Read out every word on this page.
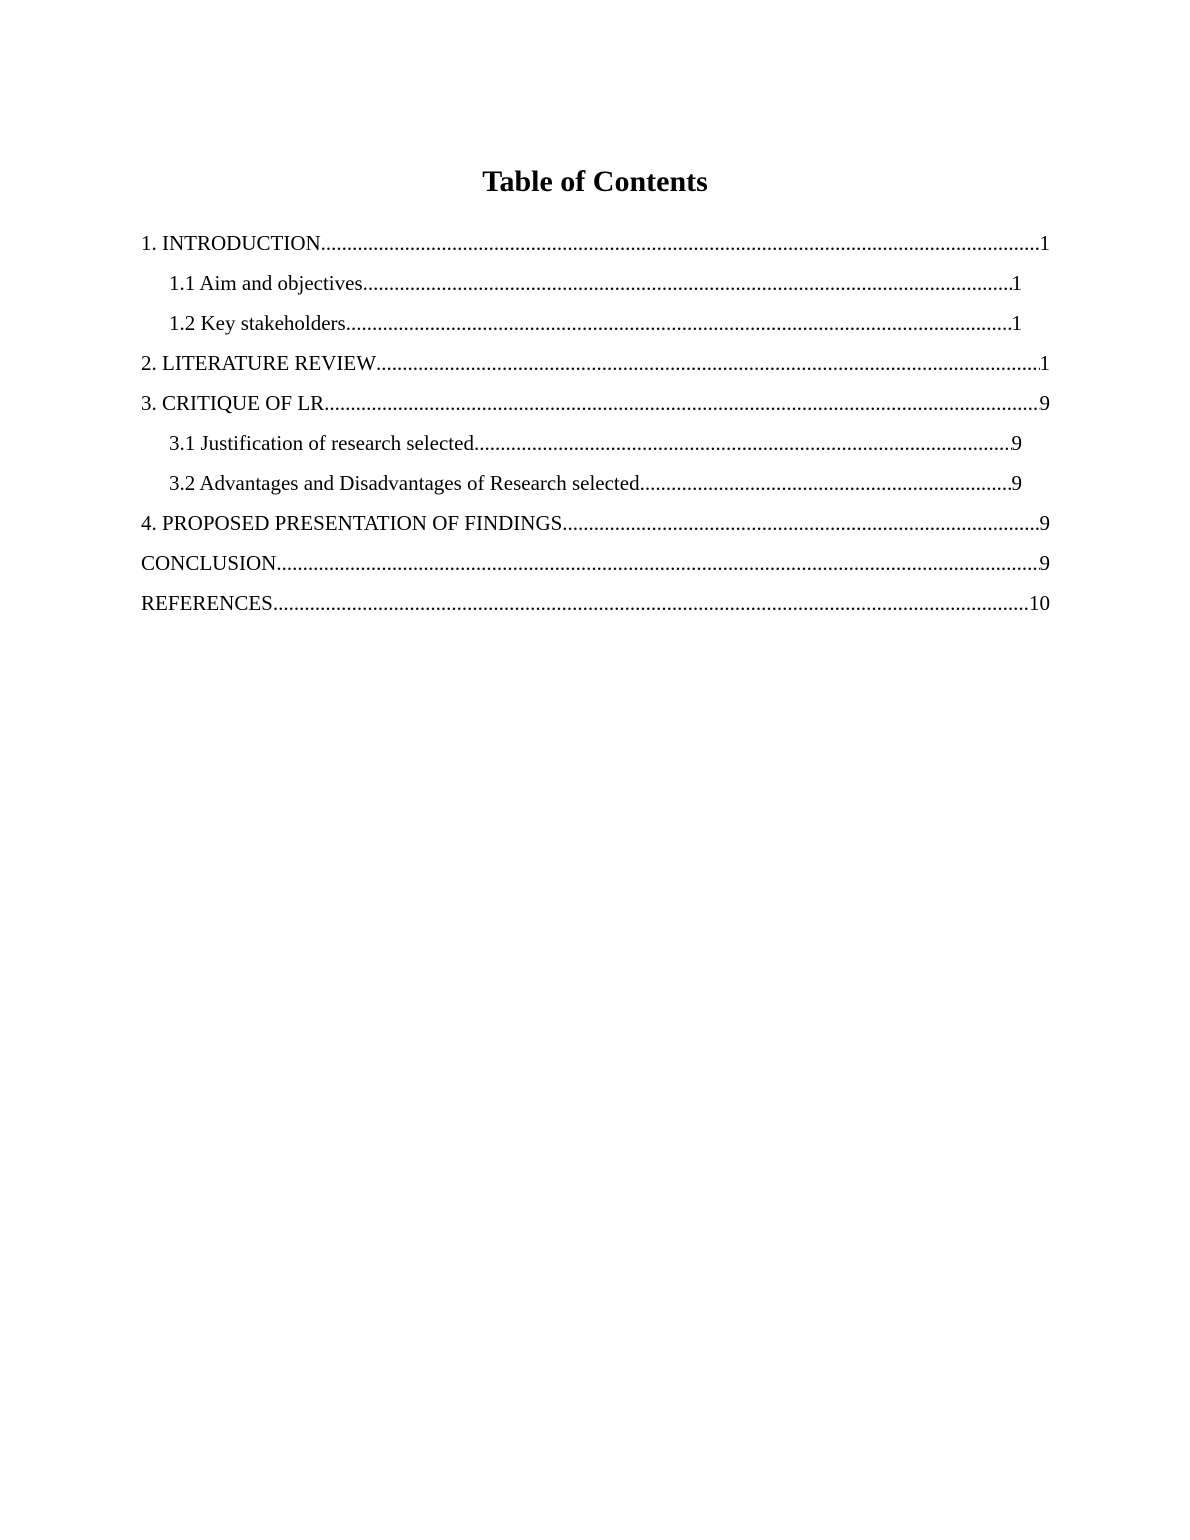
Table of Contents
1. INTRODUCTION .....	1
1.1 Aim and objectives .....	1
1.2 Key stakeholders .....	1
2. LITERATURE REVIEW .....	1
3. CRITIQUE OF LR .....	9
3.1 Justification of research selected .....	9
3.2 Advantages and Disadvantages of Research selected .....	9
4. PROPOSED PRESENTATION OF FINDINGS .....	9
CONCLUSION .....	9
REFERENCES .....	10
